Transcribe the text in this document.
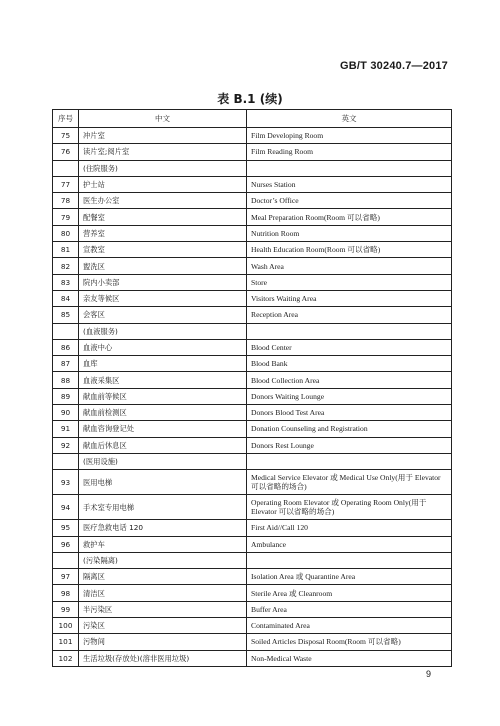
GB/T 30240.7—2017
表 B.1 (续)
序号	中文	英文
75	冲片室	Film Developing Room
76	读片室;阅片室	Film Reading Room
	(住院服务)	
77	护士站	Nurses Station
78	医生办公室	Doctor’s Office
79	配餐室	Meal Preparation Room(Room 可以省略)
80	营养室	Nutrition Room
81	宣教室	Health Education Room(Room 可以省略)
82	盥洗区	Wash Area
83	院内小卖部	Store
84	亲友等候区	Visitors Waiting Area
85	会客区	Reception Area
	(血液服务)	
86	血液中心	Blood Center
87	血库	Blood Bank
88	血液采集区	Blood Collection Area
89	献血前等候区	Donors Waiting Lounge
90	献血前检测区	Donors Blood Test Area
91	献血咨询登记处	Donation Counseling and Registration
92	献血后休息区	Donors Rest Lounge
	(医用设施)	
93	医用电梯	Medical Service Elevator 或 Medical Use Only(用于 Elevator 可以省略的场合)
94	手术室专用电梯	Operating Room Elevator 或 Operating Room Only(用于 Elevator 可以省略的场合)
95	医疗急救电话 120	First Aid//Call 120
96	救护车	Ambulance
	(污染隔离)	
97	隔离区	Isolation Area 或 Quarantine Area
98	清洁区	Sterile Area 或 Cleanroom
99	半污染区	Buffer Area
100	污染区	Contaminated Area
101	污物间	Soiled Articles Disposal Room(Room 可以省略)
102	生活垃圾(存放处)(溶非医用垃圾)	Non-Medical Waste
9
